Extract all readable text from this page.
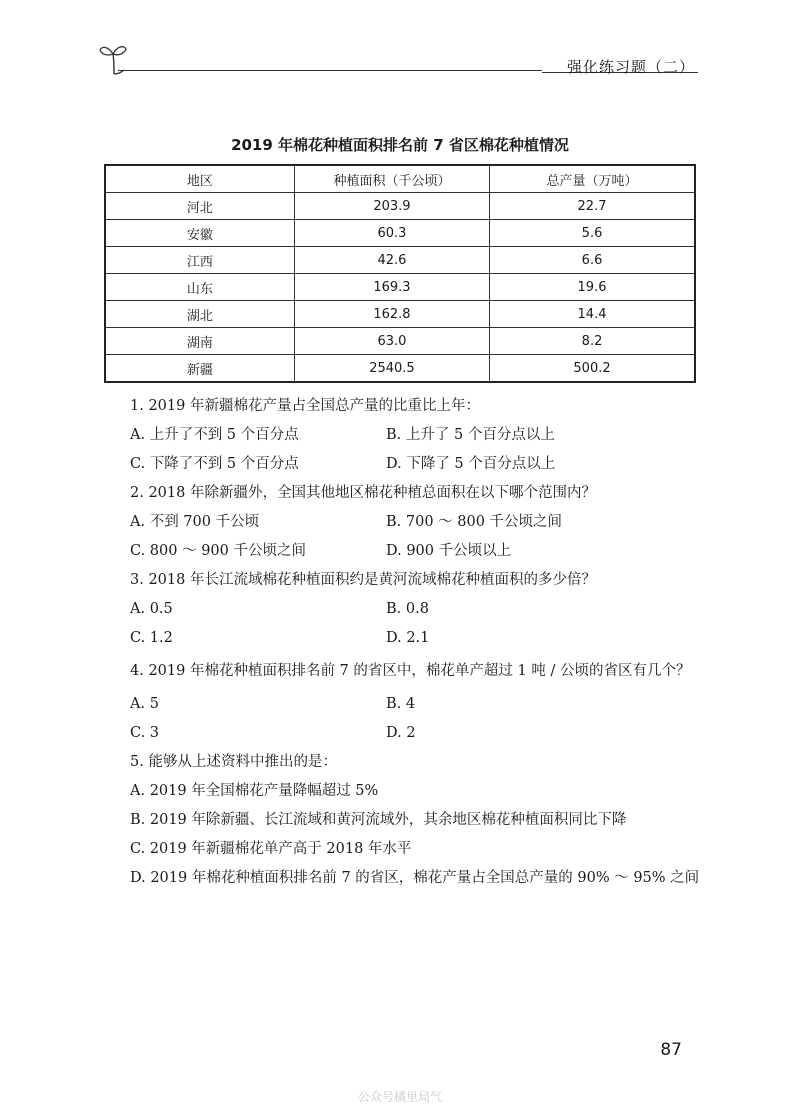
强化练习题（二）
2019 年棉花种植面积排名前 7 省区棉花种植情况
地区	种植面积（千公顷）	总产量（万吨）
河北	203.9	22.7
安徽	60.3	5.6
江西	42.6	6.6
山东	169.3	19.6
湖北	162.8	14.4
湖南	63.0	8.2
新疆	2540.5	500.2
1. 2019 年新疆棉花产量占全国总产量的比重比上年：
A. 上升了不到 5 个百分点	B. 上升了 5 个百分点以上
C. 下降了不到 5 个百分点	D. 下降了 5 个百分点以上
2. 2018 年除新疆外，全国其他地区棉花种植总面积在以下哪个范围内？
A. 不到 700 千公顷	B. 700 ～ 800 千公顷之间
C. 800 ～ 900 千公顷之间	D. 900 千公顷以上
3. 2018 年长江流域棉花种植面积约是黄河流域棉花种植面积的多少倍？
A. 0.5	B. 0.8
C. 1.2	D. 2.1
4. 2019 年棉花种植面积排名前 7 的省区中，棉花单产超过 1 吨 / 公顷的省区有几个？
A. 5	B. 4
C. 3	D. 2
5. 能够从上述资料中推出的是：
A. 2019 年全国棉花产量降幅超过 5%
B. 2019 年除新疆、长江流域和黄河流域外，其余地区棉花种植面积同比下降
C. 2019 年新疆棉花单产高于 2018 年水平
D. 2019 年棉花种植面积排名前 7 的省区，棉花产量占全国总产量的 90% ～ 95% 之间
87
公众号橘里局气
